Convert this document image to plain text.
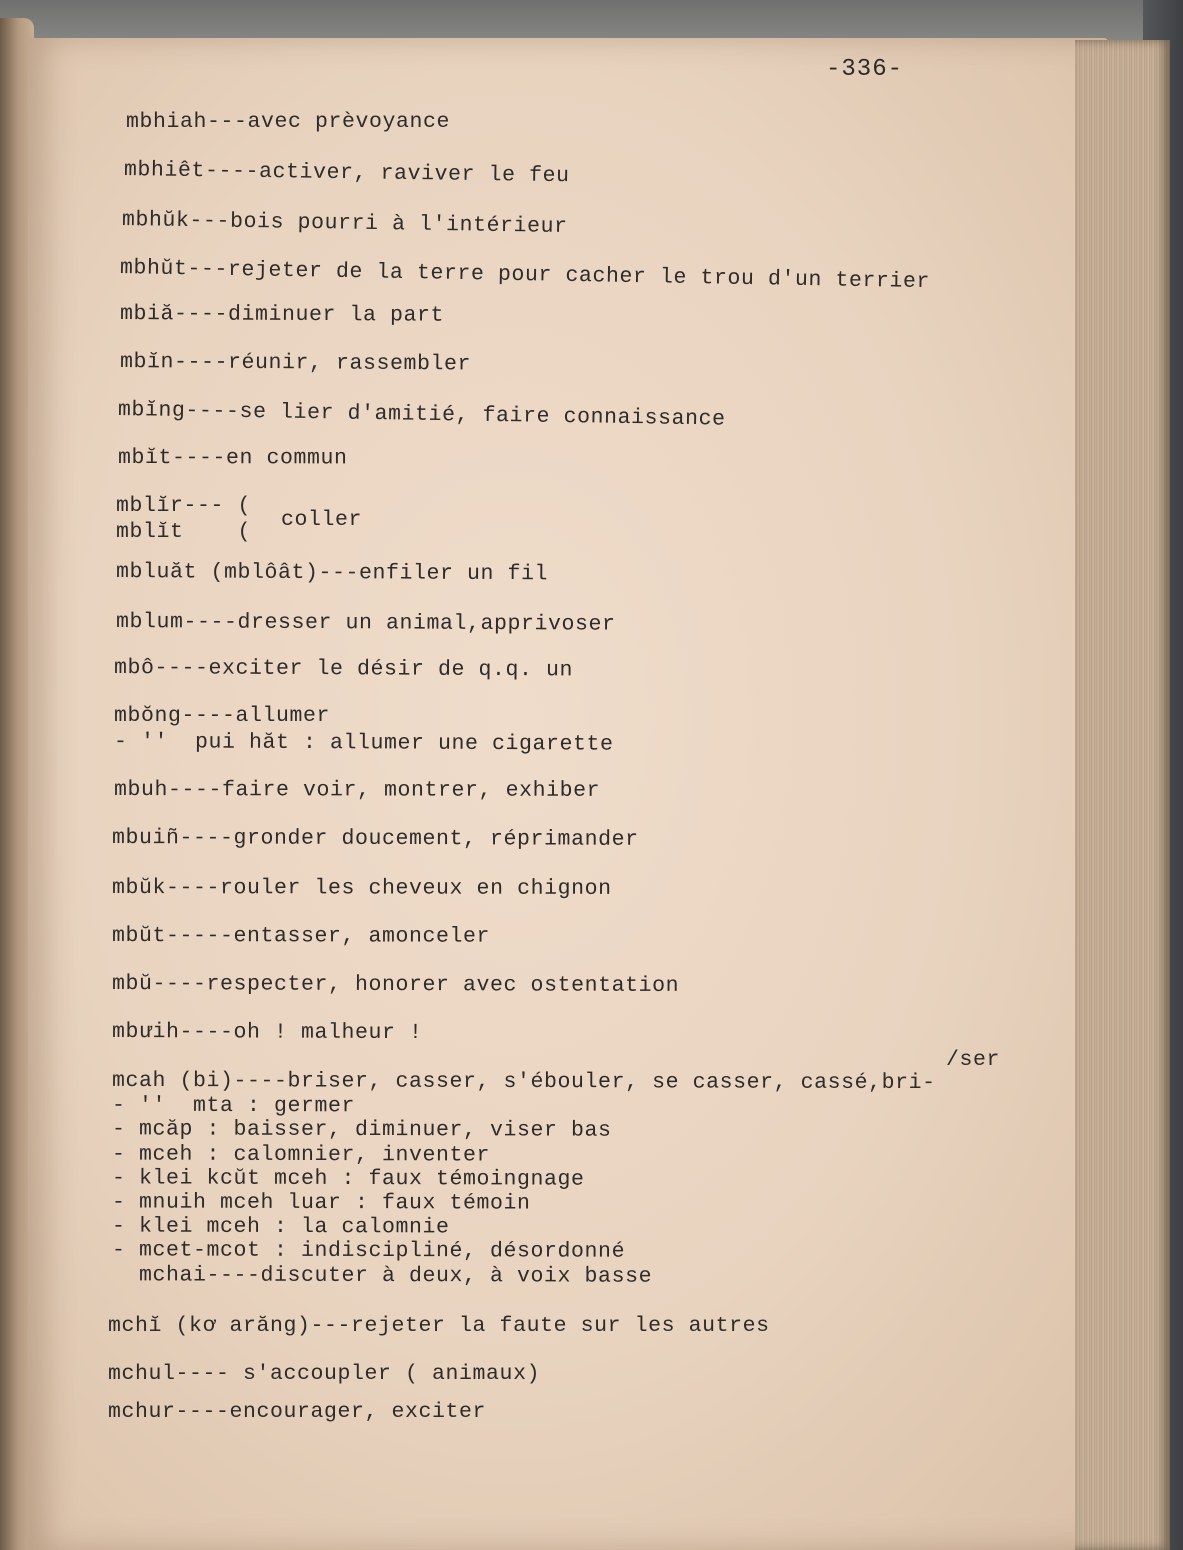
-336-
mbhiah---avec prèvoyance
mbhiêt----activer, raviver le feu
mbhŭk---bois pourri à l'intérieur
mbhŭt---rejeter de la terre pour cacher le trou d'un terrier
mbiă----diminuer la part
mbĭn----réunir, rassembler
mbĭng----se lier d'amitié, faire connaissance
mbĭt----en commun
mblĭr--- (
mblĭt    ( coller
mbluăt (mblôât)---enfiler un fil
mblum----dresser un animal,apprivoser
mbô----exciter le désir de q.q. un
mbŏng----allumer
- ''  pui hăt : allumer une cigarette
mbuh----faire voir, montrer, exhiber
mbuiñ----gronder doucement, réprimander
mbŭk----rouler les cheveux en chignon
mbŭt-----entasser, amonceler
mbŭ----respecter, honorer avec ostentation
mbưih----oh ! malheur !
/ser
mcah (bi)----briser, casser, s'ébouler, se casser, cassé,bri-
- ''  mta : germer
- mcăp : baisser, diminuer, viser bas
- mceh : calomnier, inventer
- klei kcŭt mceh : faux témoingnage
- mnuih mceh luar : faux témoin
- klei mceh : la calomnie
- mcet-mcot : indiscipliné, désordonné
mchai----discuter à deux, à voix basse
mchĭ (kơ arăng)---rejeter la faute sur les autres
mchul---- s'accoupler ( animaux)
mchur----encourager, exciter
